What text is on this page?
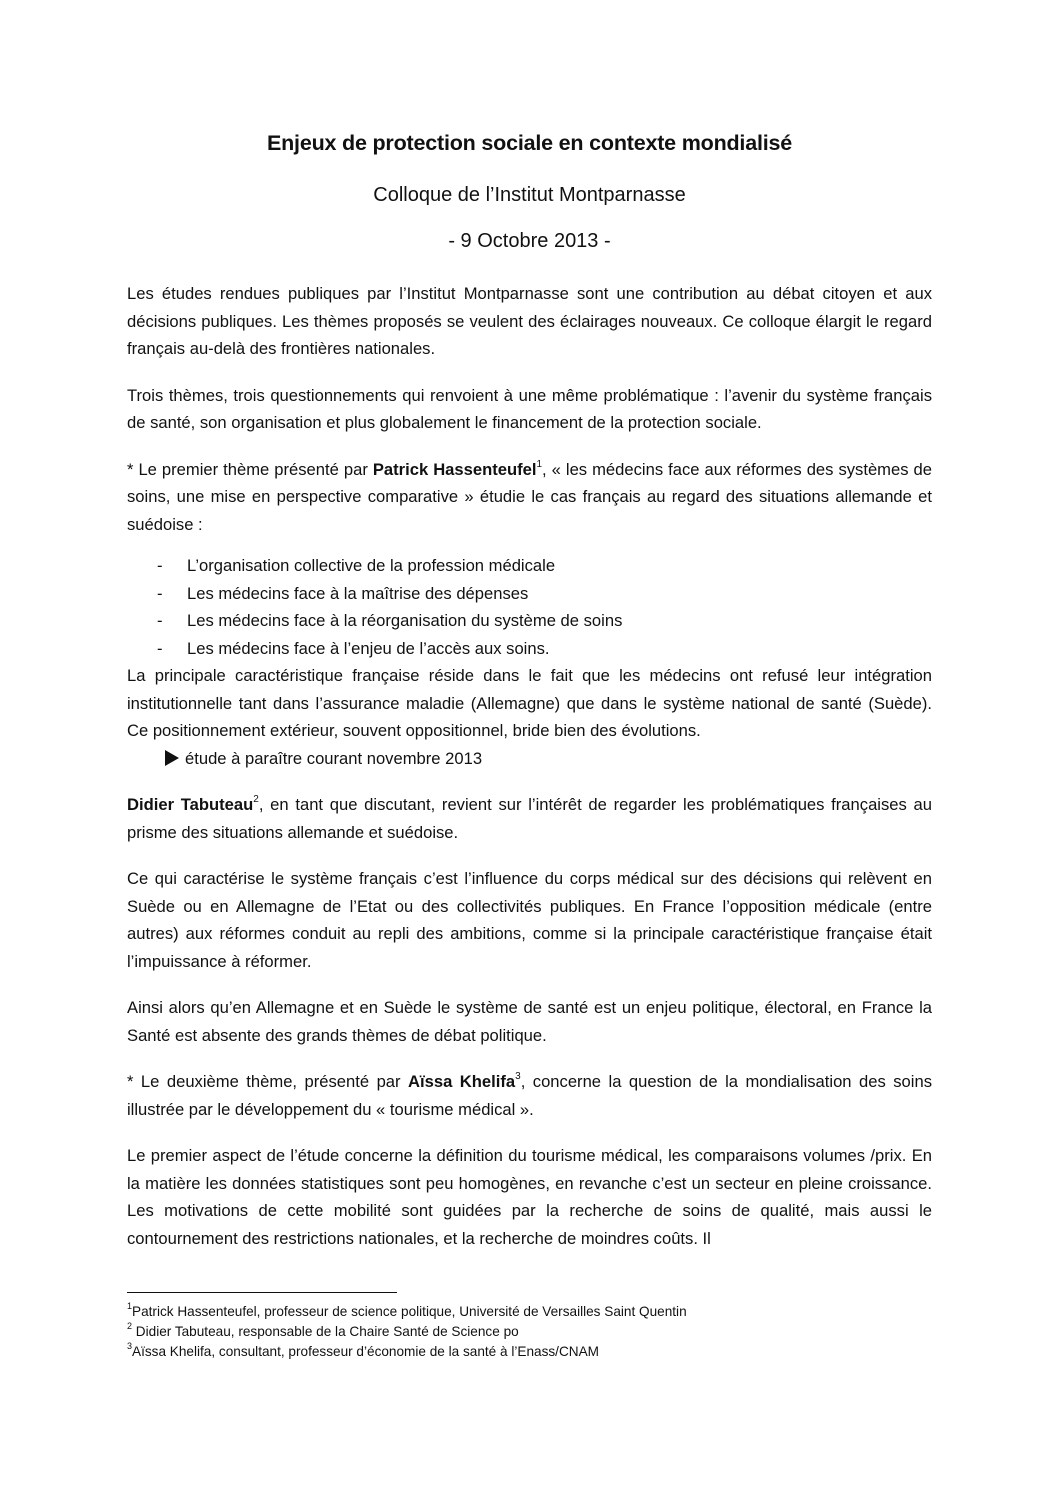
Enjeux de protection sociale en contexte mondialisé
Colloque de l’Institut Montparnasse
- 9 Octobre 2013 -

Les études rendues publiques par l’Institut Montparnasse sont une contribution au débat citoyen et aux décisions publiques. Les thèmes proposés se veulent des éclairages nouveaux. Ce colloque élargit le regard français au-delà des frontières nationales.

Trois thèmes, trois questionnements qui renvoient à une même problématique : l’avenir du système français de santé, son organisation et plus globalement le financement de la protection sociale.

* Le premier thème présenté par Patrick Hassenteufel$^1$, « les médecins face aux réformes des systèmes de soins, une mise en perspective comparative » étudie le cas français au regard des situations allemande et suédoise :

- L’organisation collective de la profession médicale
- Les médecins face à la maîtrise des dépenses
- Les médecins face à la réorganisation du système de soins
- Les médecins face à l’enjeu de l’accès aux soins.

La principale caractéristique française réside dans le fait que les médecins ont refusé leur intégration institutionnelle tant dans l’assurance maladie (Allemagne) que dans le système national de santé (Suède). Ce positionnement extérieur, souvent oppositionnel, bride bien des évolutions.

étude à paraître courant novembre 2013

Didier Tabuteau$^2$, en tant que discutant, revient sur l’intérêt de regarder les problématiques françaises au prisme des situations allemande et suédoise.

Ce qui caractérise le système français c’est l’influence du corps médical sur des décisions qui relèvent en Suède ou en Allemagne de l’Etat ou des collectivités publiques. En France l’opposition médicale (entre autres) aux réformes conduit au repli des ambitions, comme si la principale caractéristique française était l’impuissance à réformer.

Ainsi alors qu’en Allemagne et en Suède le système de santé est un enjeu politique, électoral, en France la Santé est absente des grands thèmes de débat politique.

* Le deuxième thème, présenté par Aïssa Khelifa$^3$, concerne la question de la mondialisation des soins illustrée par le développement du « tourisme médical ».

Le premier aspect de l’étude concerne la définition du tourisme médical, les comparaisons volumes /prix. En la matière les données statistiques sont peu homogènes, en revanche c’est un secteur en pleine croissance. Les motivations de cette mobilité sont guidées par la recherche de soins de qualité, mais aussi le contournement des restrictions nationales, et la recherche de moindres coûts. Il

$^1$Patrick Hassenteufel, professeur de science politique, Université de Versailles Saint Quentin
$^2$ Didier Tabuteau, responsable de la Chaire Santé de Science po
$^3$Aïssa Khelifa, consultant, professeur d’économie de la santé à l’Enass/CNAM
